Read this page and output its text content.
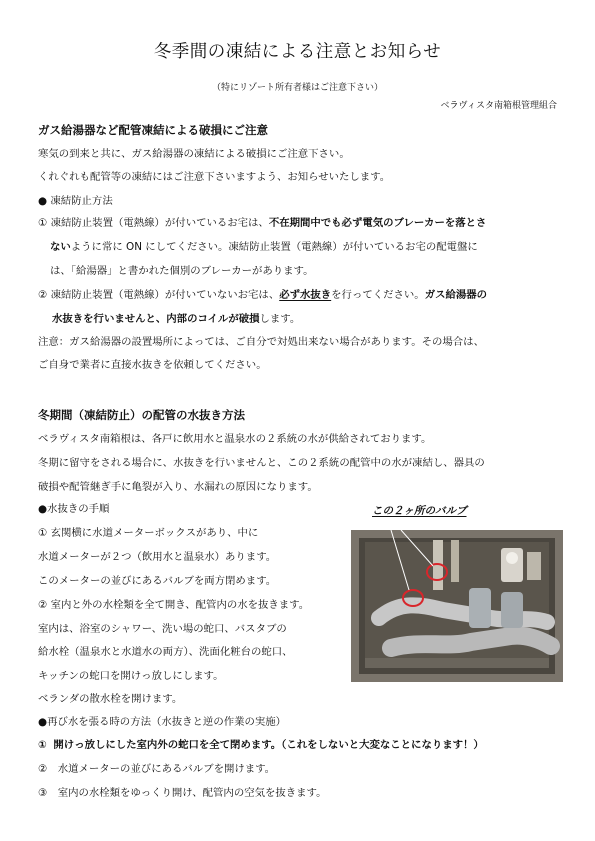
冬季間の凍結による注意とお知らせ
（特にリゾート所有者様はご注意下さい）
ベラヴィスタ南箱根管理組合
ガス給湯器など配管凍結による破損にご注意
寒気の到来と共に、ガス給湯器の凍結による破損にご注意下さい。
くれぐれも配管等の凍結にはご注意下さいますよう、お知らせいたします。
● 凍結防止方法
① 凍結防止装置（電熱線）が付いているお宅は、不在期間中でも必ず電気のブレーカーを落とさ
ないように常に ON にしてください。凍結防止装置（電熱線）が付いているお宅の配電盤に
は、「給湯器」と書かれた個別のブレーカーがあります。
② 凍結防止装置（電熱線）が付いていないお宅は、必ず水抜きを行ってください。ガス給湯器の
水抜きを行いませんと、内部のコイルが破損します。
注意：ガス給湯器の設置場所によっては、ご自分で対処出来ない場合があります。その場合は、
ご自身で業者に直接水抜きを依頼してください。
冬期間（凍結防止）の配管の水抜き方法
ベラヴィスタ南箱根は、各戸に飲用水と温泉水の２系統の水が供給されております。
冬期に留守をされる場合に、水抜きを行いませんと、この２系統の配管中の水が凍結し、器具の
破損や配管継ぎ手に亀裂が入り、水漏れの原因になります。
●水抜きの手順
① 玄関横に水道メーターボックスがあり、中に
水道メーターが２つ（飲用水と温泉水）あります。
このメーターの並びにあるバルブを両方閉めます。
② 室内と外の水栓類を全て開き、配管内の水を抜きます。
室内は、浴室のシャワー、洗い場の蛇口、バスタブの
給水栓（温泉水と水道水の両方）、洗面化粧台の蛇口、
キッチンの蛇口を開けっ放しにします。
ベランダの散水栓を開けます。
この２ヶ所のバルブ
●再び水を張る時の方法（水抜きと逆の作業の実施）
① 開けっ放しにした室内外の蛇口を全て閉めます。（これをしないと大変なことになります！）
②　水道メーターの並びにあるバルブを開けます。
③　室内の水栓類をゆっくり開け、配管内の空気を抜きます。
